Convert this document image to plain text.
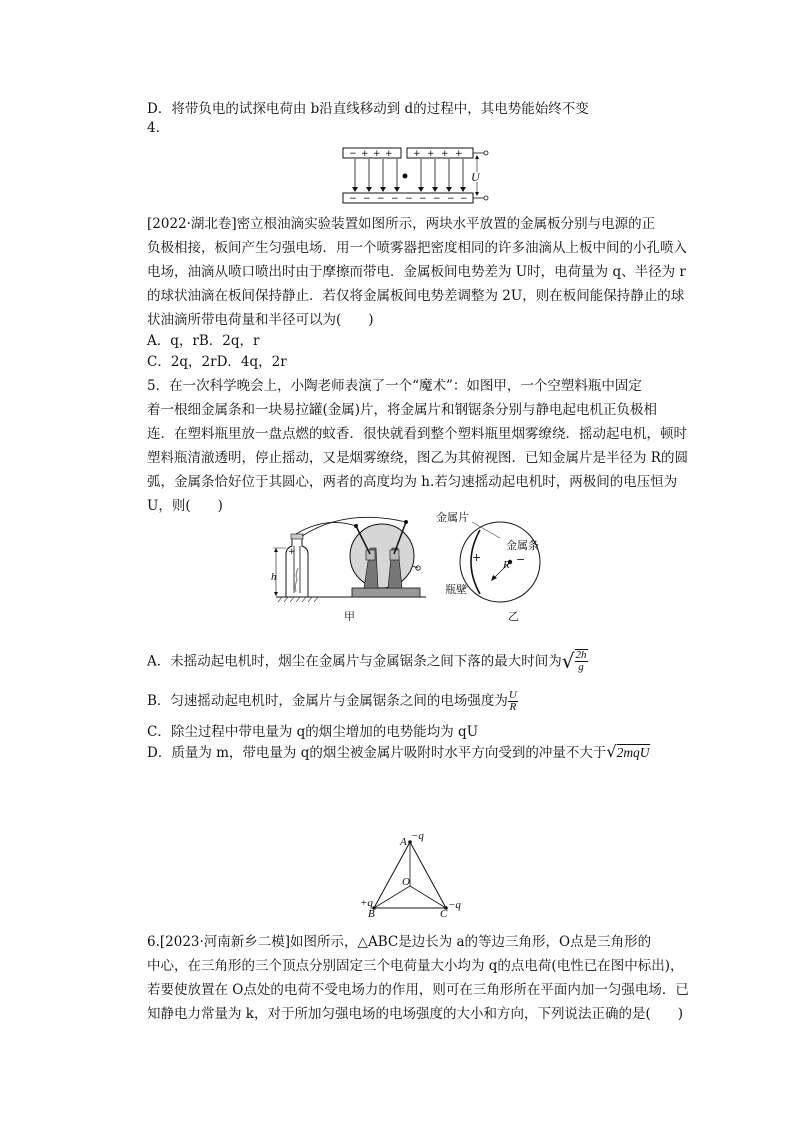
D．将带负电的试探电荷由 b沿直线移动到 d的过程中，其电势能始终不变
4.
− + + + + + + +
− − − − − − − − −
U
[2022·湖北卷]密立根油滴实验装置如图所示，两块水平放置的金属板分别与电源的正
负极相接，板间产生匀强电场．用一个喷雾器把密度相同的许多油滴从上板中间的小孔喷入
电场，油滴从喷口喷出时由于摩擦而带电．金属板间电势差为 U时，电荷量为 q、半径为 r
的球状油滴在板间保持静止．若仅将金属板间电势差调整为 2U，则在板间能保持静止的球
状油滴所带电荷量和半径可以为(　　)
A．q，rB．2q，r
C．2q，2rD．4q，2r
5．在一次科学晚会上，小陶老师表演了一个“魔术”：如图甲，一个空塑料瓶中固定
着一根细金属条和一块易拉罐(金属)片，将金属片和钢锯条分别与静电起电机正负极相
连．在塑料瓶里放一盘点燃的蚊香．很快就看到整个塑料瓶里烟雾缭绕．摇动起电机，顿时
塑料瓶清澈透明，停止摇动，又是烟雾缭绕，图乙为其俯视图．已知金属片是半径为 R的圆
弧，金属条恰好位于其圆心，两者的高度均为 h.若匀速摇动起电机时，两极间的电压恒为
U，则(　　)
+
h
甲
金属片
金属条
瓶壁
R
+	−
乙
A．未摇动起电机时，烟尘在金属片与金属锯条之间下落的最大时间为√ $\frac{2h}{g}$
B．匀速摇动起电机时，金属片与金属锯条之间的电场强度为 $\frac{U}{R}$
C．除尘过程中带电量为 q的烟尘增加的电势能均为 qU
D．质量为 m，带电量为 q的烟尘被金属片吸附时水平方向受到的冲量不大于√2mqU
A −q
O
+q
B	C
−q
6.[2023·河南新乡二模]如图所示，△ABC是边长为 a的等边三角形，O点是三角形的
中心，在三角形的三个顶点分别固定三个电荷量大小均为 q的点电荷(电性已在图中标出)，
若要使放置在 O点处的电荷不受电场力的作用，则可在三角形所在平面内加一匀强电场．已
知静电力常量为 k，对于所加匀强电场的电场强度的大小和方向，下列说法正确的是(　　)
